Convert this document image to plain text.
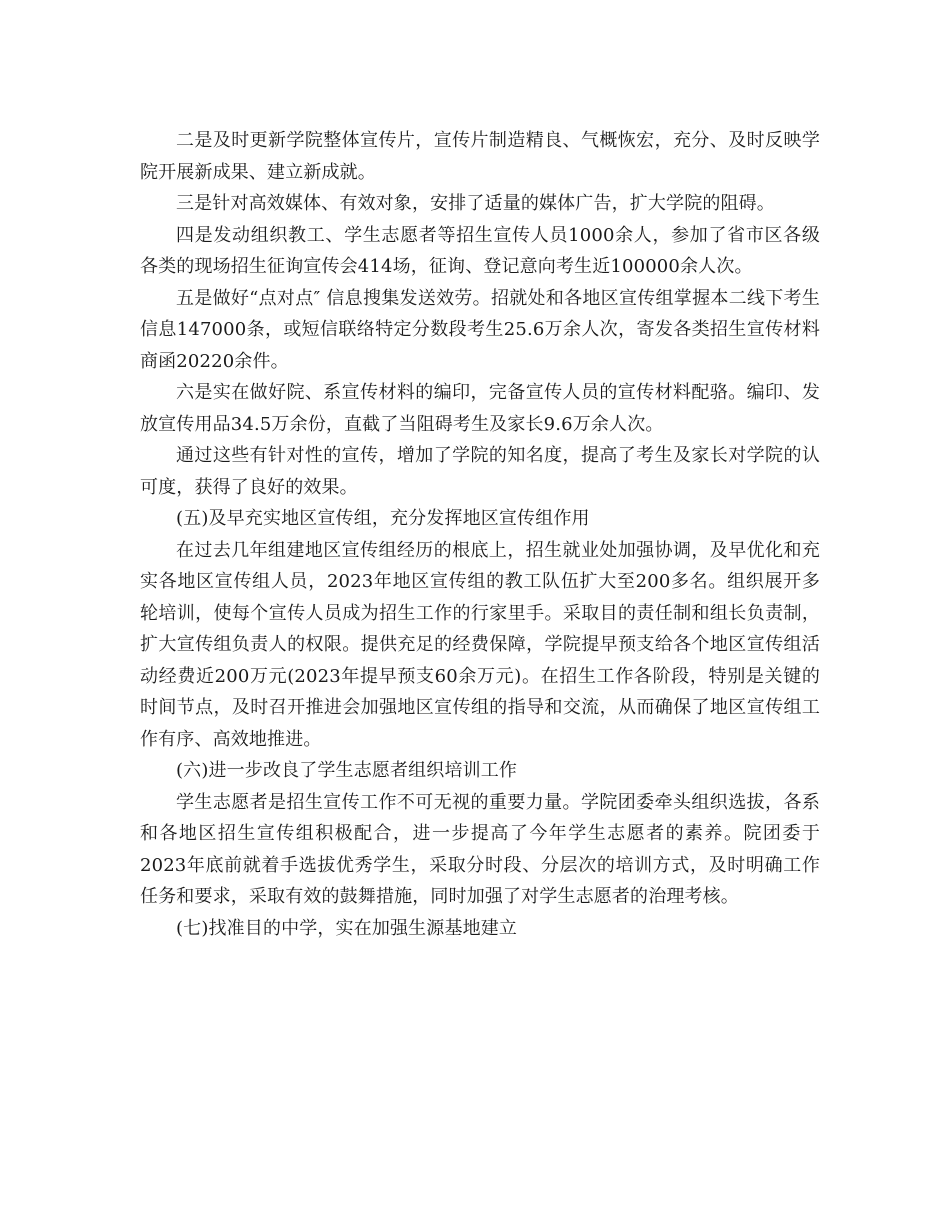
二是及时更新学院整体宣传片，宣传片制造精良、气概恢宏，充分、及时反映学院开展新成果、建立新成就。

三是针对高效媒体、有效对象，安排了适量的媒体广告，扩大学院的阻碍。

四是发动组织教工、学生志愿者等招生宣传人员1000余人，参加了省市区各级各类的现场招生征询宣传会414场，征询、登记意向考生近100000余人次。

五是做好“点对点″ 信息搜集发送效劳。招就处和各地区宣传组掌握本二线下考生信息147000条，或短信联络特定分数段考生25.6万余人次，寄发各类招生宣传材料商函20220余件。

六是实在做好院、系宣传材料的编印，完备宣传人员的宣传材料配骆。编印、发放宣传用品34.5万余份，直截了当阻碍考生及家长9.6万余人次。

通过这些有针对性的宣传，增加了学院的知名度，提高了考生及家长对学院的认可度，获得了良好的效果。

(五)及早充实地区宣传组，充分发挥地区宣传组作用

在过去几年组建地区宣传组经历的根底上，招生就业处加强协调，及早优化和充实各地区宣传组人员，2023年地区宣传组的教工队伍扩大至200多名。组织展开多轮培训，使每个宣传人员成为招生工作的行家里手。采取目的责任制和组长负责制，扩大宣传组负责人的权限。提供充足的经费保障，学院提早预支给各个地区宣传组活动经费近200万元(2023年提早预支60余万元)。在招生工作各阶段，特别是关键的时间节点，及时召开推进会加强地区宣传组的指导和交流，从而确保了地区宣传组工作有序、高效地推进。

(六)进一步改良了学生志愿者组织培训工作

学生志愿者是招生宣传工作不可无视的重要力量。学院团委牵头组织选拔，各系和各地区招生宣传组积极配合，进一步提高了今年学生志愿者的素养。院团委于2023年底前就着手选拔优秀学生，采取分时段、分层次的培训方式，及时明确工作任务和要求，采取有效的鼓舞措施，同时加强了对学生志愿者的治理考核。

(七)找准目的中学，实在加强生源基地建立
